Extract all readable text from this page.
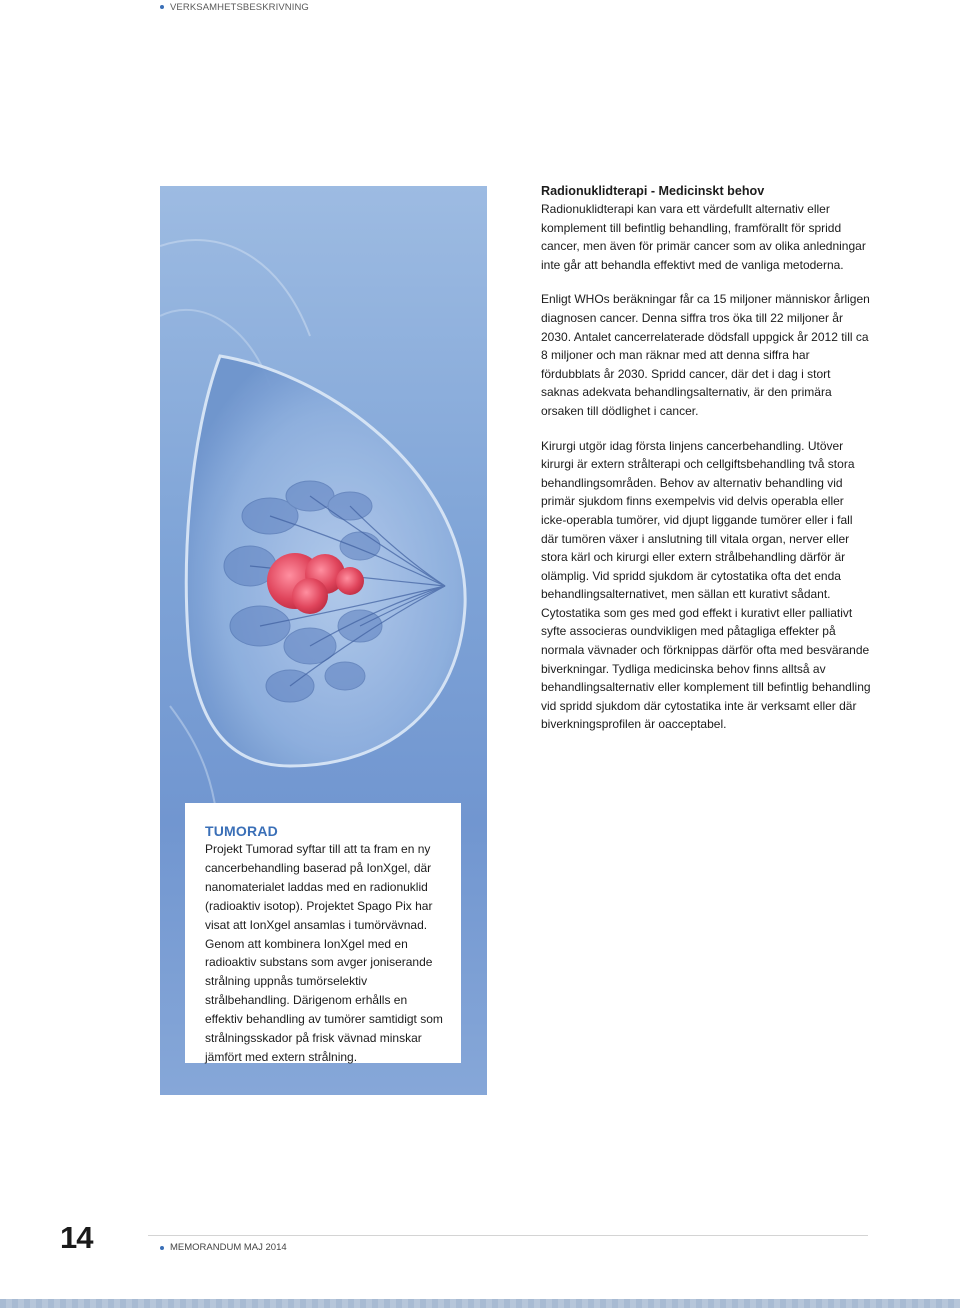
VERKSAMHETSBESKRIVNING
TUMORAD

Projekt Tumorad syftar till att ta fram en ny cancerbehandling baserad på IonXgel, där nanomaterialet laddas med en radionuklid (radioaktiv isotop). Projektet Spago Pix har visat att IonXgel ansamlas i tumörvävnad. Genom att kombinera IonXgel med en radioaktiv substans som avger joniserande strålning uppnås tumörselektiv strålbehandling. Därigenom erhålls en effektiv behandling av tumörer samtidigt som strålningsskador på frisk vävnad minskar jämfört med extern strålning.

Radionuklidterapi - Medicinskt behov

Radionuklidterapi kan vara ett värdefullt alternativ eller komplement till befintlig behandling, framförallt för spridd cancer, men även för primär cancer som av olika anledningar inte går att behandla effektivt med de vanliga metoderna.

Enligt WHOs beräkningar får ca 15 miljoner människor årligen diagnosen cancer. Denna siffra tros öka till 22 miljoner år 2030. Antalet cancerrelaterade dödsfall uppgick år 2012 till ca 8 miljoner och man räknar med att denna siffra har fördubblats år 2030. Spridd cancer, där det i dag i stort saknas adekvata behandlingsalternativ, är den primära orsaken till dödlighet i cancer.

Kirurgi utgör idag första linjens cancerbehandling. Utöver kirurgi är extern strålterapi och cellgiftsbehandling två stora behandlingsområden. Behov av alternativ behandling vid primär sjukdom finns exempelvis vid delvis operabla eller icke-operabla tumörer, vid djupt liggande tumörer eller i fall där tumören växer i anslutning till vitala organ, nerver eller stora kärl och kirurgi eller extern strålbehandling därför är olämplig. Vid spridd sjukdom är cytostatika ofta det enda behandlingsalternativet, men sällan ett kurativt sådant. Cytostatika som ges med god effekt i kurativt eller palliativt syfte associeras oundvikligen med påtagliga effekter på normala vävnader och förknippas därför ofta med besvärande biverkningar. Tydliga medicinska behov finns alltså av behandlingsalternativ eller komplement till befintlig behandling vid spridd sjukdom där cytostatika inte är verksamt eller där biverkningsprofilen är oacceptabel.

14	MEMORANDUM MAJ 2014
